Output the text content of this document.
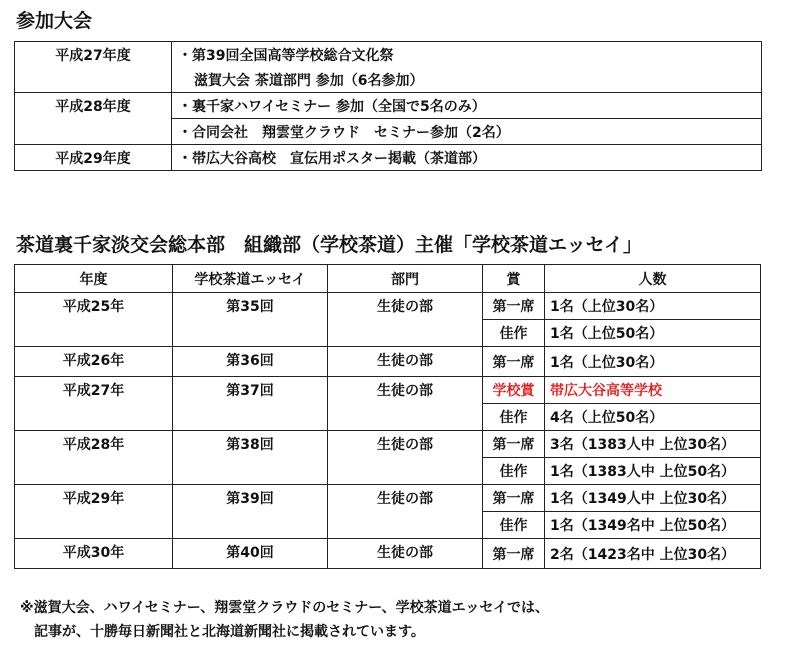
参加大会
平成27年度	・第39回全国高等学校総合文化祭
	滋賀大会 茶道部門 参加（6名参加）
平成28年度	・裏千家ハワイセミナー 参加（全国で5名のみ）
	・合同会社　翔雲堂クラウド　セミナー参加（2名）
平成29年度	・帯広大谷高校　宣伝用ポスター掲載（茶道部）
茶道裏千家淡交会総本部　組織部（学校茶道）主催「学校茶道エッセイ」
年度	学校茶道エッセイ	部門	賞	人数
平成25年	第35回	生徒の部	第一席	1名（上位30名）
			佳作	1名（上位50名）
平成26年	第36回	生徒の部	第一席	1名（上位30名）
平成27年	第37回	生徒の部	学校賞	帯広大谷高等学校
			佳作	4名（上位50名）
平成28年	第38回	生徒の部	第一席	3名（1383人中 上位30名）
			佳作	1名（1383人中 上位50名）
平成29年	第39回	生徒の部	第一席	1名（1349人中 上位30名）
			佳作	1名（1349名中 上位50名）
平成30年	第40回	生徒の部	第一席	2名（1423名中 上位30名）
※滋賀大会、ハワイセミナー、翔雲堂クラウドのセミナー、学校茶道エッセイでは、
記事が、十勝毎日新聞社と北海道新聞社に掲載されています。
